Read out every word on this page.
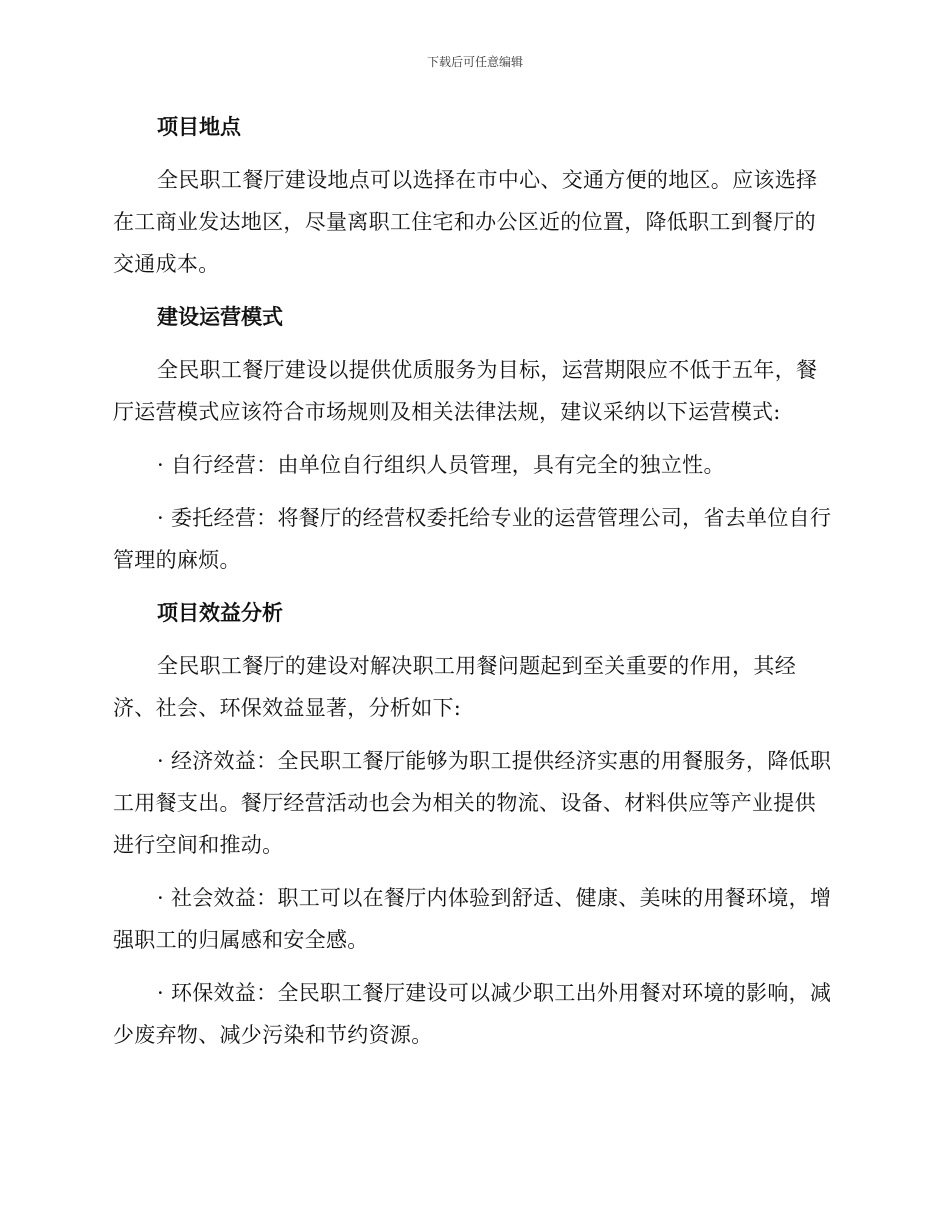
下载后可任意编辑
项目地点

全民职工餐厅建设地点可以选择在市中心、交通方便的地区。应该选择在工商业发达地区，尽量离职工住宅和办公区近的位置，降低职工到餐厅的交通成本。

建设运营模式

全民职工餐厅建设以提供优质服务为目标，运营期限应不低于五年，餐厅运营模式应该符合市场规则及相关法律法规，建议采纳以下运营模式:

· 自行经营：由单位自行组织人员管理，具有完全的独立性。

· 委托经营：将餐厅的经营权委托给专业的运营管理公司，省去单位自行管理的麻烦。

项目效益分析

全民职工餐厅的建设对解决职工用餐问题起到至关重要的作用，其经济、社会、环保效益显著，分析如下:

· 经济效益：全民职工餐厅能够为职工提供经济实惠的用餐服务，降低职工用餐支出。餐厅经营活动也会为相关的物流、设备、材料供应等产业提供进行空间和推动。

· 社会效益：职工可以在餐厅内体验到舒适、健康、美味的用餐环境，增强职工的归属感和安全感。

· 环保效益：全民职工餐厅建设可以减少职工出外用餐对环境的影响，减少废弃物、减少污染和节约资源。
